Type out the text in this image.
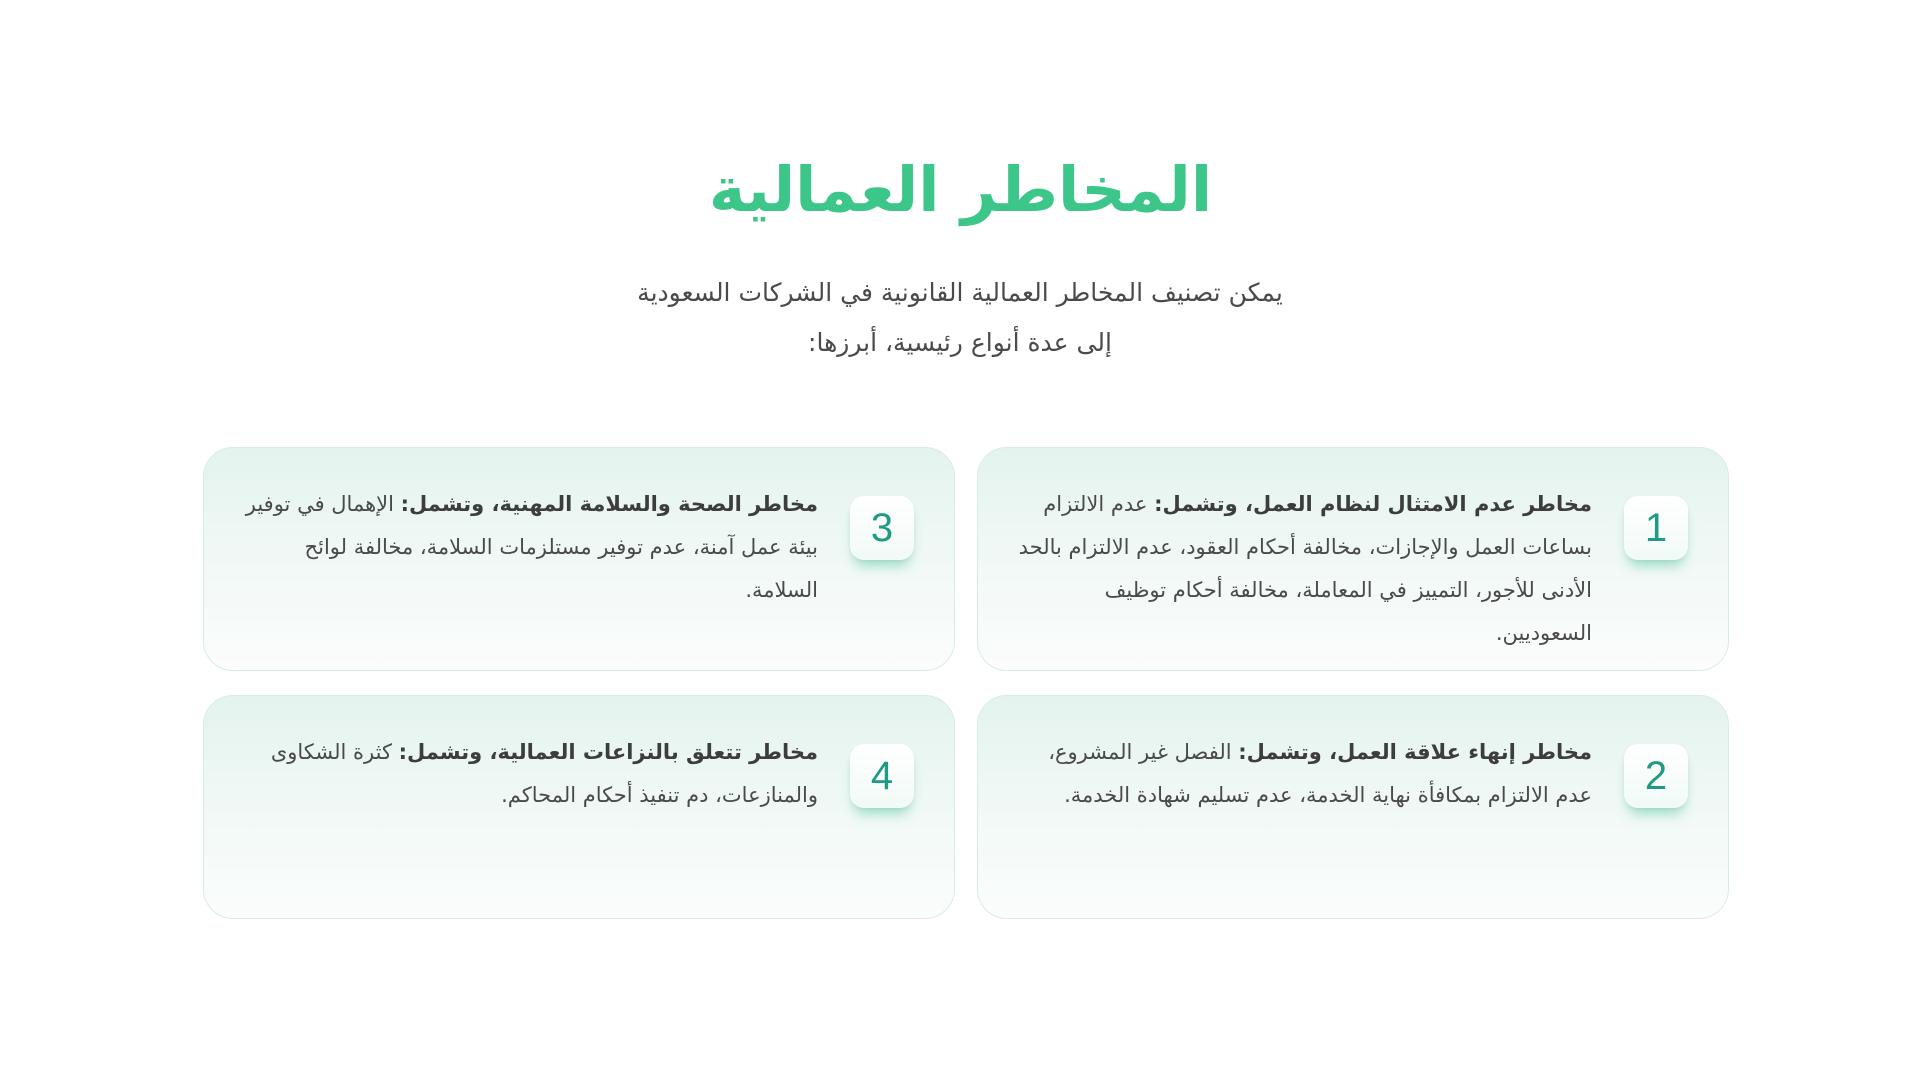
المخاطر العمالية
يمكن تصنيف المخاطر العمالية القانونية في الشركات السعودية
إلى عدة أنواع رئيسية، أبرزها:
1
مخاطر عدم الامتثال لنظام العمل، وتشمل: عدم الالتزام بساعات العمل والإجازات، مخالفة أحكام العقود، عدم الالتزام بالحد الأدنى للأجور، التمييز في المعاملة، مخالفة أحكام توظيف السعوديين.
2
مخاطر إنهاء علاقة العمل، وتشمل: الفصل غير المشروع، عدم الالتزام بمكافأة نهاية الخدمة، عدم تسليم شهادة الخدمة.
3
مخاطر الصحة والسلامة المهنية، وتشمل: الإهمال في توفير بيئة عمل آمنة، عدم توفير مستلزمات السلامة، مخالفة لوائح السلامة.
4
مخاطر تتعلق بالنزاعات العمالية، وتشمل: كثرة الشكاوى والمنازعات، دم تنفيذ أحكام المحاكم.
